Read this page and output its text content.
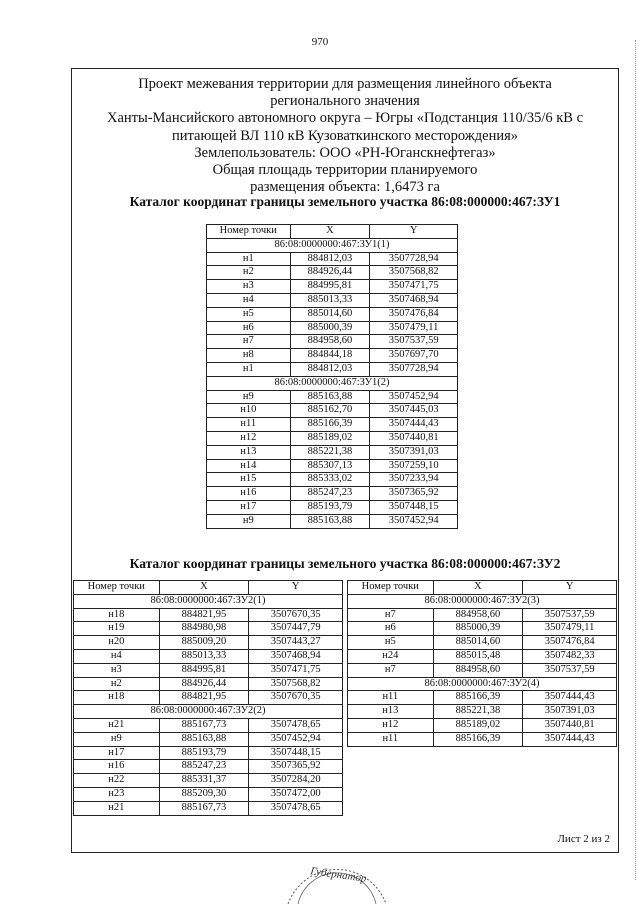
970
Проект межевания территории для размещения линейного объекта
регионального значения
Ханты-Мансийского автономного округа – Югры «Подстанция 110/35/6 кВ с
питающей ВЛ 110 кВ Кузоваткинского месторождения»
Землепользователь: ООО «РН-Юганскнефтегаз»
Общая площадь территории планируемого
размещения объекта: 1,6473 га
Каталог координат границы земельного участка 86:08:000000:467:ЗУ1
Номер точки	X	Y
86:08:0000000:467:ЗУ1(1)		
н1	884812,03	3507728,94
н2	884926,44	3507568,82
н3	884995,81	3507471,75
н4	885013,33	3507468,94
н5	885014,60	3507476,84
н6	885000,39	3507479,11
н7	884958,60	3507537,59
н8	884844,18	3507697,70
н1	884812,03	3507728,94
86:08:0000000:467:ЗУ1(2)		
н9	885163,88	3507452,94
н10	885162,70	3507445,03
н11	885166,39	3507444,43
н12	885189,02	3507440,81
н13	885221,38	3507391,03
н14	885307,13	3507259,10
н15	885333,02	3507233,94
н16	885247,23	3507365,92
н17	885193,79	3507448,15
н9	885163,88	3507452,94
Каталог координат границы земельного участка 86:08:000000:467:ЗУ2
Номер точки	X	Y
86:08:0000000:467:ЗУ2(1)		
н18	884821,95	3507670,35
н19	884980,98	3507447,79
н20	885009,20	3507443,27
н4	885013,33	3507468,94
н3	884995,81	3507471,75
н2	884926,44	3507568,82
н18	884821,95	3507670,35
86:08:0000000:467:ЗУ2(2)		
н21	885167,73	3507478,65
н9	885163,88	3507452,94
н17	885193,79	3507448,15
н16	885247,23	3507365,92
н22	885331,37	3507284,20
н23	885209,30	3507472,00
н21	885167,73	3507478,65
Номер точки	X	Y
86:08:0000000:467:ЗУ2(3)		
н7	884958,60	3507537,59
н6	885000,39	3507479,11
н5	885014,60	3507476,84
н24	885015,48	3507482,33
н7	884958,60	3507537,59
86:08:0000000:467:ЗУ2(4)		
н11	885166,39	3507444,43
н13	885221,38	3507391,03
н12	885189,02	3507440,81
н11	885166,39	3507444,43
Лист 2 из 2
Губернатор
